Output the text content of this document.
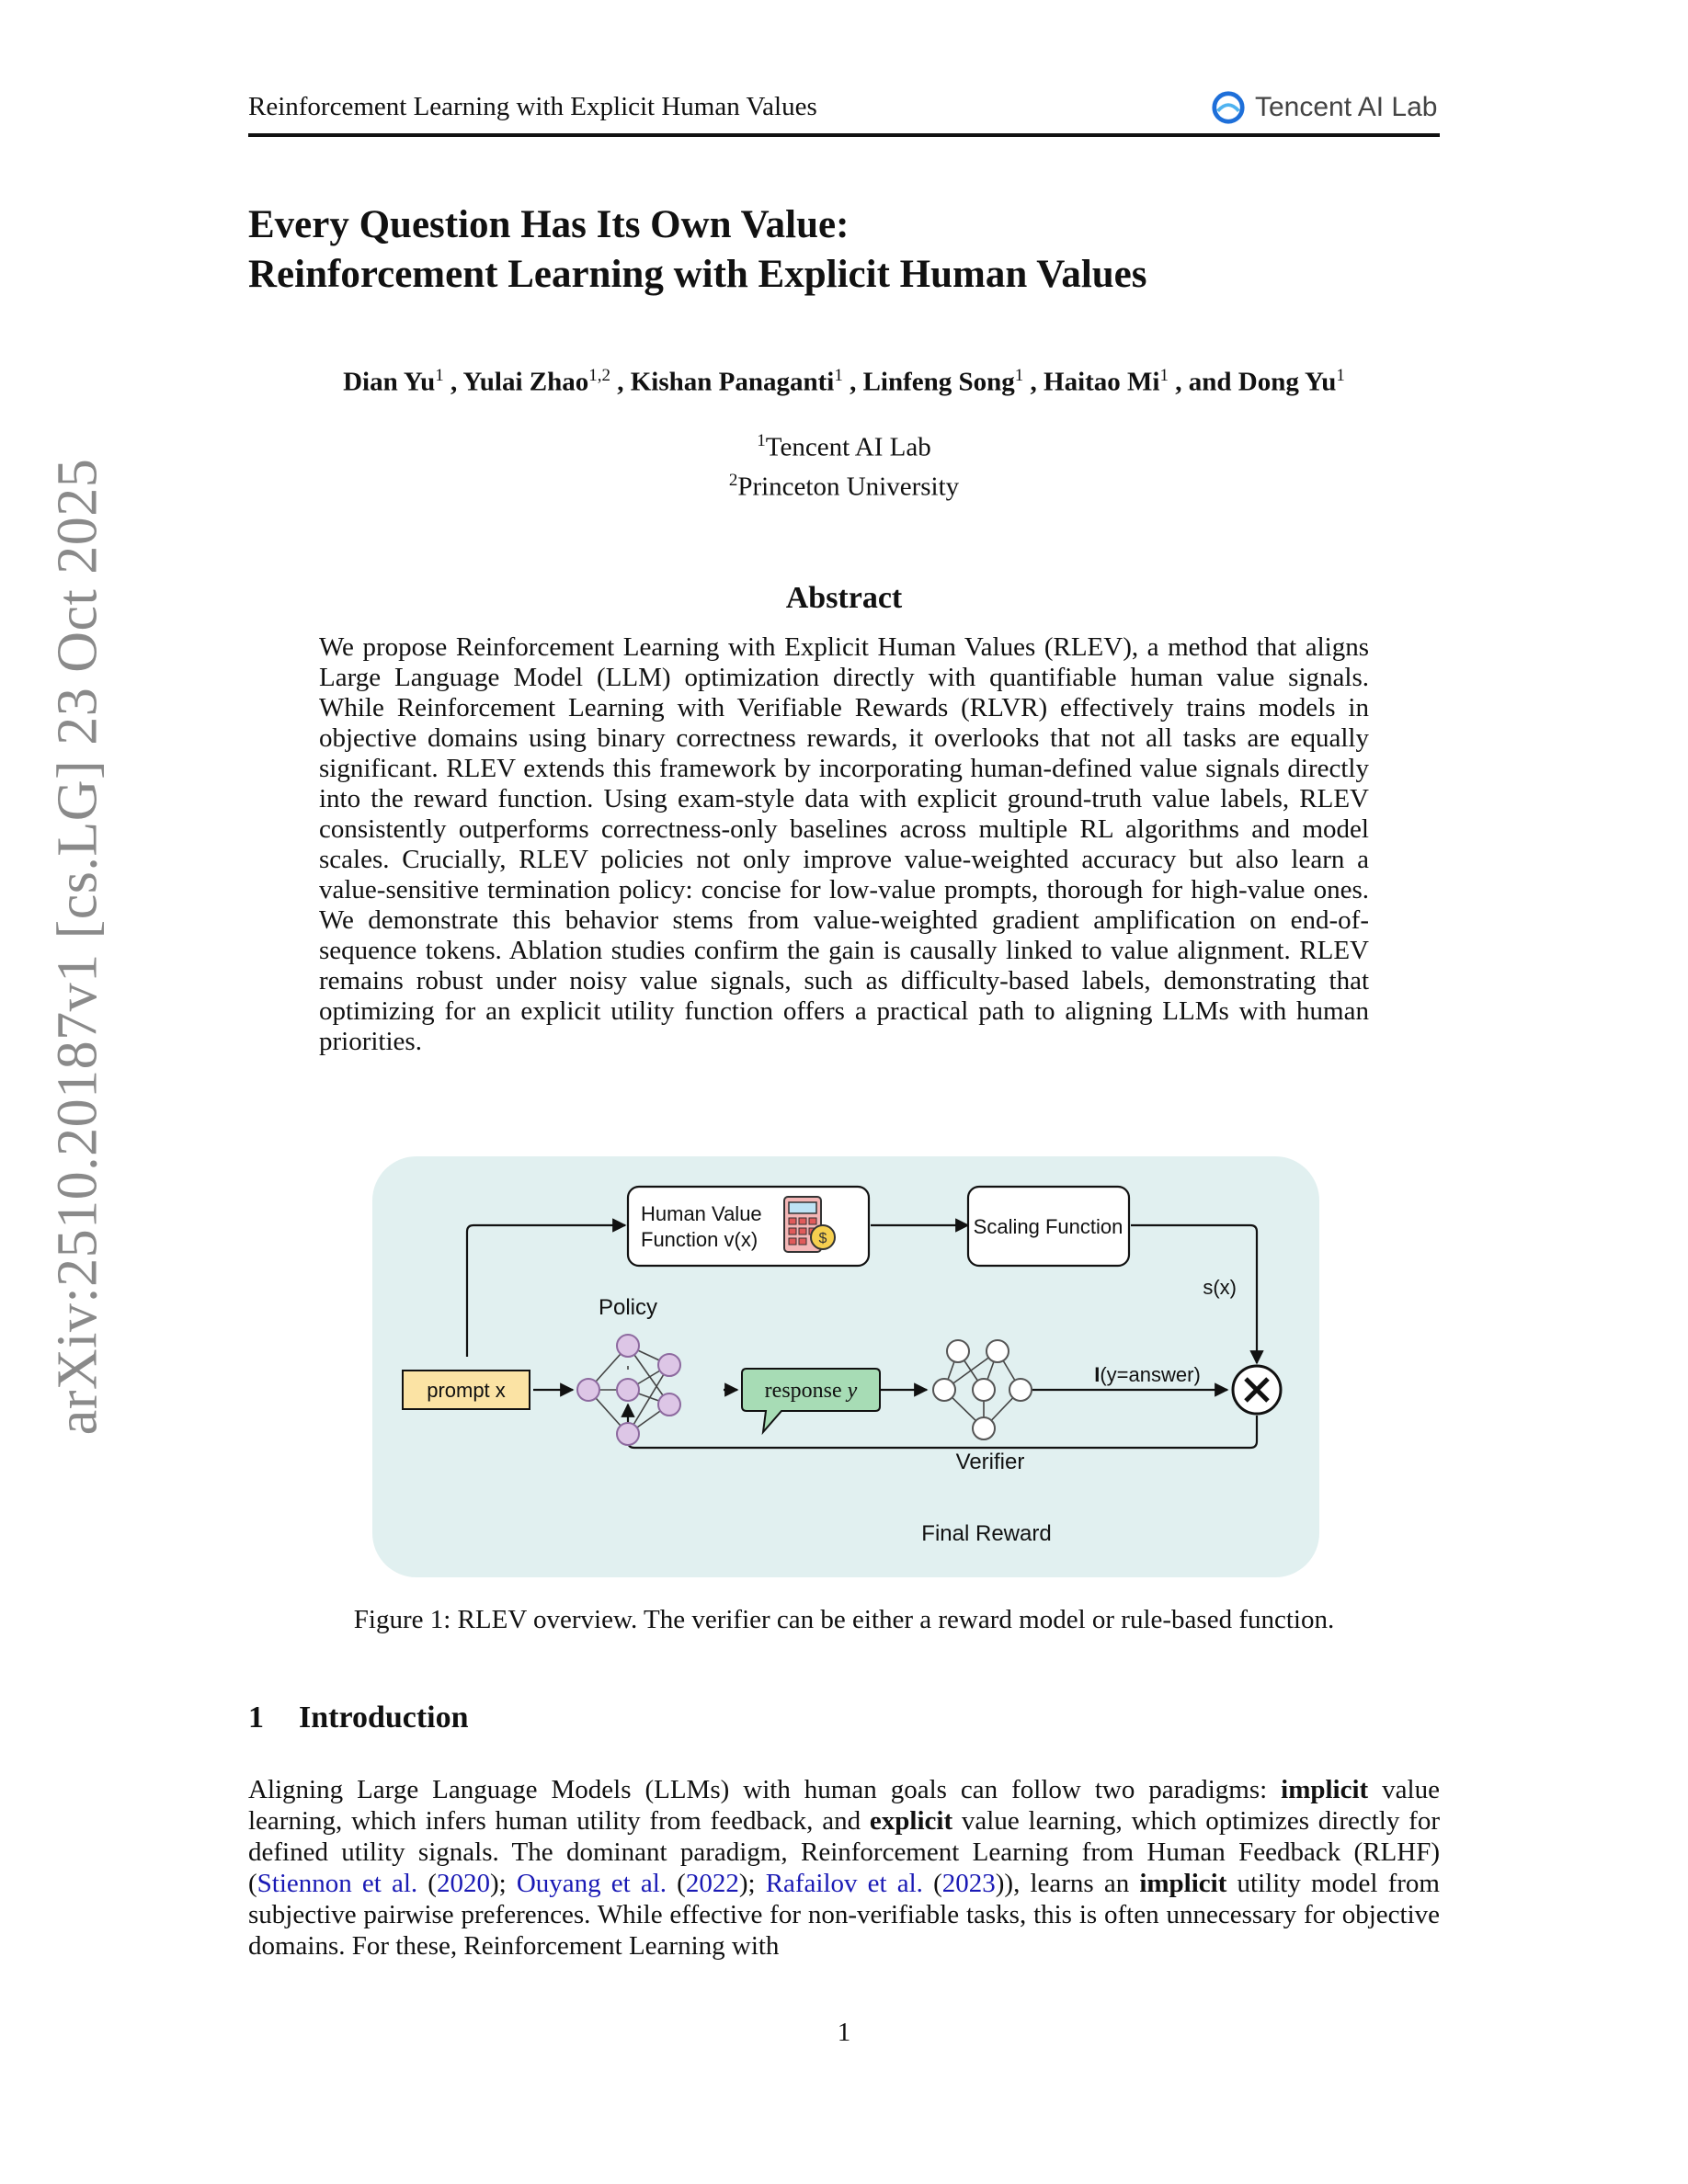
Reinforcement Learning with Explicit Human Values	Tencent AI Lab
arXiv:2510.20187v1 [cs.LG] 23 Oct 2025
Every Question Has Its Own Value:
Reinforcement Learning with Explicit Human Values
Dian Yu$^1$ , Yulai Zhao$^{1,2}$ , Kishan Panaganti$^1$ , Linfeng Song$^1$ , Haitao Mi$^1$ , and Dong Yu$^1$
$^1$Tencent AI Lab
$^2$Princeton University
Abstract
We propose Reinforcement Learning with Explicit Human Values (RLEV), a method that aligns Large Language Model (LLM) optimization directly with quantifiable human value signals. While Reinforcement Learning with Verifiable Rewards (RLVR) effectively trains models in objective domains using binary correctness rewards, it overlooks that not all tasks are equally significant. RLEV extends this framework by incorporating human-defined value signals directly into the reward function. Using exam-style data with explicit ground-truth value labels, RLEV consistently outperforms correctness-only baselines across multiple RL algorithms and model scales. Crucially, RLEV policies not only improve value-weighted accuracy but also learn a value-sensitive termination policy: concise for low-value prompts, thorough for high-value ones. We demonstrate this behavior stems from value-weighted gradient amplification on end-of-sequence tokens. Ablation studies confirm the gain is causally linked to value alignment. RLEV remains robust under noisy value signals, such as difficulty-based labels, demonstrating that optimizing for an explicit utility function offers a practical path to aligning LLMs with human priorities.
Human Value
Function v(x)	$
Scaling Function
s(x)
Policy
prompt x	response y
Verifier
I(y=answer)
Final Reward
Figure 1: RLEV overview. The verifier can be either a reward model or rule-based function.
1 Introduction
Aligning Large Language Models (LLMs) with human goals can follow two paradigms: implicit value learning, which infers human utility from feedback, and explicit value learning, which optimizes directly for defined utility signals. The dominant paradigm, Reinforcement Learning from Human Feedback (RLHF) (Stiennon et al. (2020); Ouyang et al. (2022); Rafailov et al. (2023)), learns an implicit utility model from subjective pairwise preferences. While effective for non-verifiable tasks, this is often unnecessary for objective domains. For these, Reinforcement Learning with
1
